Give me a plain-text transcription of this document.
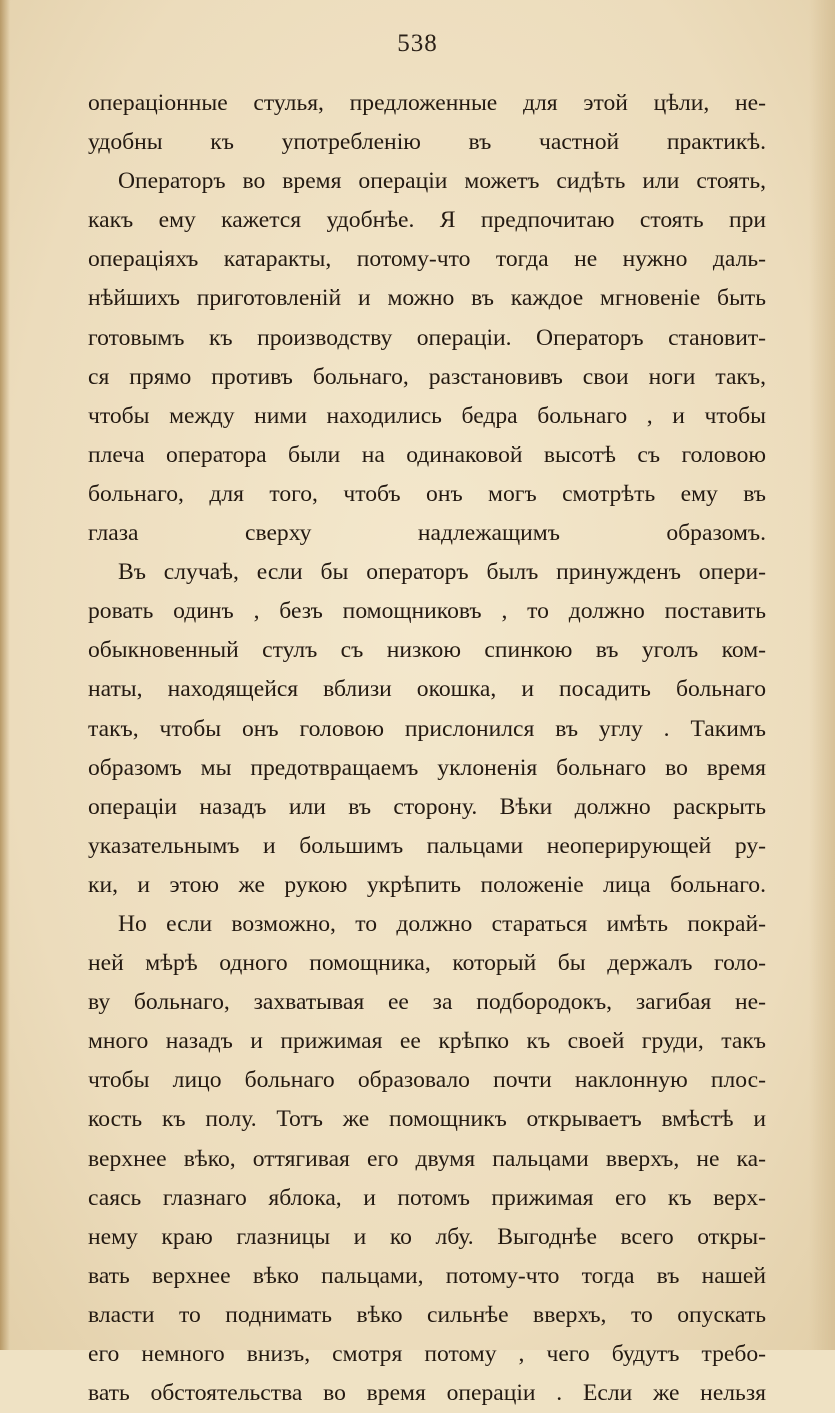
538
операціонные стулья, предложенные для этой цѣли, не-
удобны къ употребленію въ частной практикѣ.
Операторъ во время операціи можетъ сидѣть или стоять,
какъ ему кажется удобнѣе. Я предпочитаю стоять при
операціяхъ катаракты, потому-что тогда не нужно даль-
нѣйшихъ приготовленій и можно въ каждое мгновеніе быть
готовымъ къ производству операціи. Операторъ становит-
ся прямо противъ больнаго, разстановивъ свои ноги такъ,
чтобы между ними находились бедра больнаго , и чтобы
плеча оператора были на одинаковой высотѣ съ головою
больнаго, для того, чтобъ онъ могъ смотрѣть ему въ
глаза сверху надлежащимъ образомъ.
Въ случаѣ, если бы операторъ былъ принужденъ опери-
ровать одинъ , безъ помощниковъ , то должно поставить
обыкновенный стулъ съ низкою спинкою въ уголъ ком-
наты, находящейся вблизи окошка, и посадить больнаго
такъ, чтобы онъ головою прислонился въ углу . Такимъ
образомъ мы предотвращаемъ уклоненія больнаго во время
операціи назадъ или въ сторону. Вѣки должно раскрыть
указательнымъ и большимъ пальцами неоперирующей ру-
ки, и этою же рукою укрѣпить положеніе лица больнаго.
Но если возможно, то должно стараться имѣть покрай-
ней мѣрѣ одного помощника, который бы держалъ голо-
ву больнаго, захватывая ее за подбородокъ, загибая не-
много назадъ и прижимая ее крѣпко къ своей груди, такъ
чтобы лицо больнаго образовало почти наклонную плос-
кость къ полу. Тотъ же помощникъ открываетъ вмѣстѣ и
верхнее вѣко, оттягивая его двумя пальцами вверхъ, не ка-
саясь глазнаго яблока, и потомъ прижимая его къ верх-
нему краю глазницы и ко лбу. Выгоднѣе всего откры-
вать верхнее вѣко пальцами, потому-что тогда въ нашей
власти то поднимать вѣко сильнѣе вверхъ, то опускать
его немного внизъ, смотря потому , чего будутъ требо-
вать обстоятельства во время операціи . Если же нельзя
